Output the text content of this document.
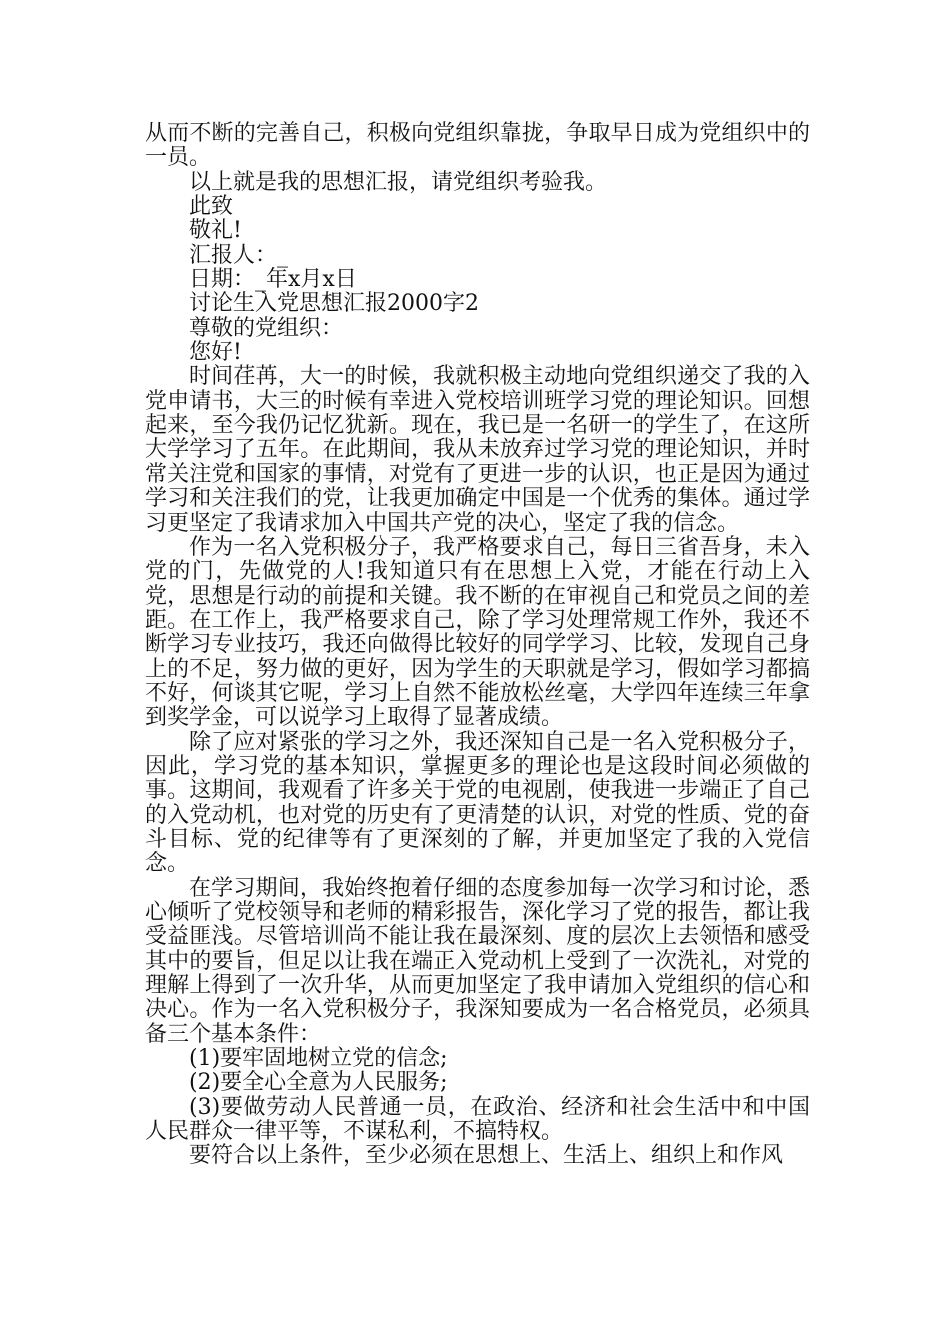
从而不断的完善自己，积极向党组织靠拢，争取早日成为党组织中的一员。

以上就是我的思想汇报，请党组织考验我。

此致

敬礼!

汇报人：_

日期：_年x月x日

讨论生入党思想汇报2000字2

尊敬的党组织：

您好!

时间荏苒，大一的时候，我就积极主动地向党组织递交了我的入党申请书，大三的时候有幸进入党校培训班学习党的理论知识。回想起来，至今我仍记忆犹新。现在，我已是一名研一的学生了，在这所大学学习了五年。在此期间，我从未放弃过学习党的理论知识，并时常关注党和国家的事情，对党有了更进一步的认识，也正是因为通过学习和关注我们的党，让我更加确定中国是一个优秀的集体。通过学习更坚定了我请求加入中国共产党的决心，坚定了我的信念。

作为一名入党积极分子，我严格要求自己，每日三省吾身，未入党的门，先做党的人!我知道只有在思想上入党，才能在行动上入党，思想是行动的前提和关键。我不断的在审视自己和党员之间的差距。在工作上，我严格要求自己，除了学习处理常规工作外，我还不断学习专业技巧，我还向做得比较好的同学学习、比较，发现自己身上的不足，努力做的更好，因为学生的天职就是学习，假如学习都搞不好，何谈其它呢，学习上自然不能放松丝毫，大学四年连续三年拿到奖学金，可以说学习上取得了显著成绩。

除了应对紧张的学习之外，我还深知自己是一名入党积极分子，因此，学习党的基本知识，掌握更多的理论也是这段时间必须做的事。这期间，我观看了许多关于党的电视剧，使我进一步端正了自己的入党动机，也对党的历史有了更清楚的认识，对党的性质、党的奋斗目标、党的纪律等有了更深刻的了解，并更加坚定了我的入党信念。

在学习期间，我始终抱着仔细的态度参加每一次学习和讨论，悉心倾听了党校领导和老师的精彩报告，深化学习了党的报告，都让我受益匪浅。尽管培训尚不能让我在最深刻、度的层次上去领悟和感受其中的要旨，但足以让我在端正入党动机上受到了一次洗礼，对党的理解上得到了一次升华，从而更加坚定了我申请加入党组织的信心和决心。作为一名入党积极分子，我深知要成为一名合格党员，必须具备三个基本条件：

(1)要牢固地树立党的信念;

(2)要全心全意为人民服务;

(3)要做劳动人民普通一员，在政治、经济和社会生活中和中国人民群众一律平等，不谋私利，不搞特权。

要符合以上条件，至少必须在思想上、生活上、组织上和作风
